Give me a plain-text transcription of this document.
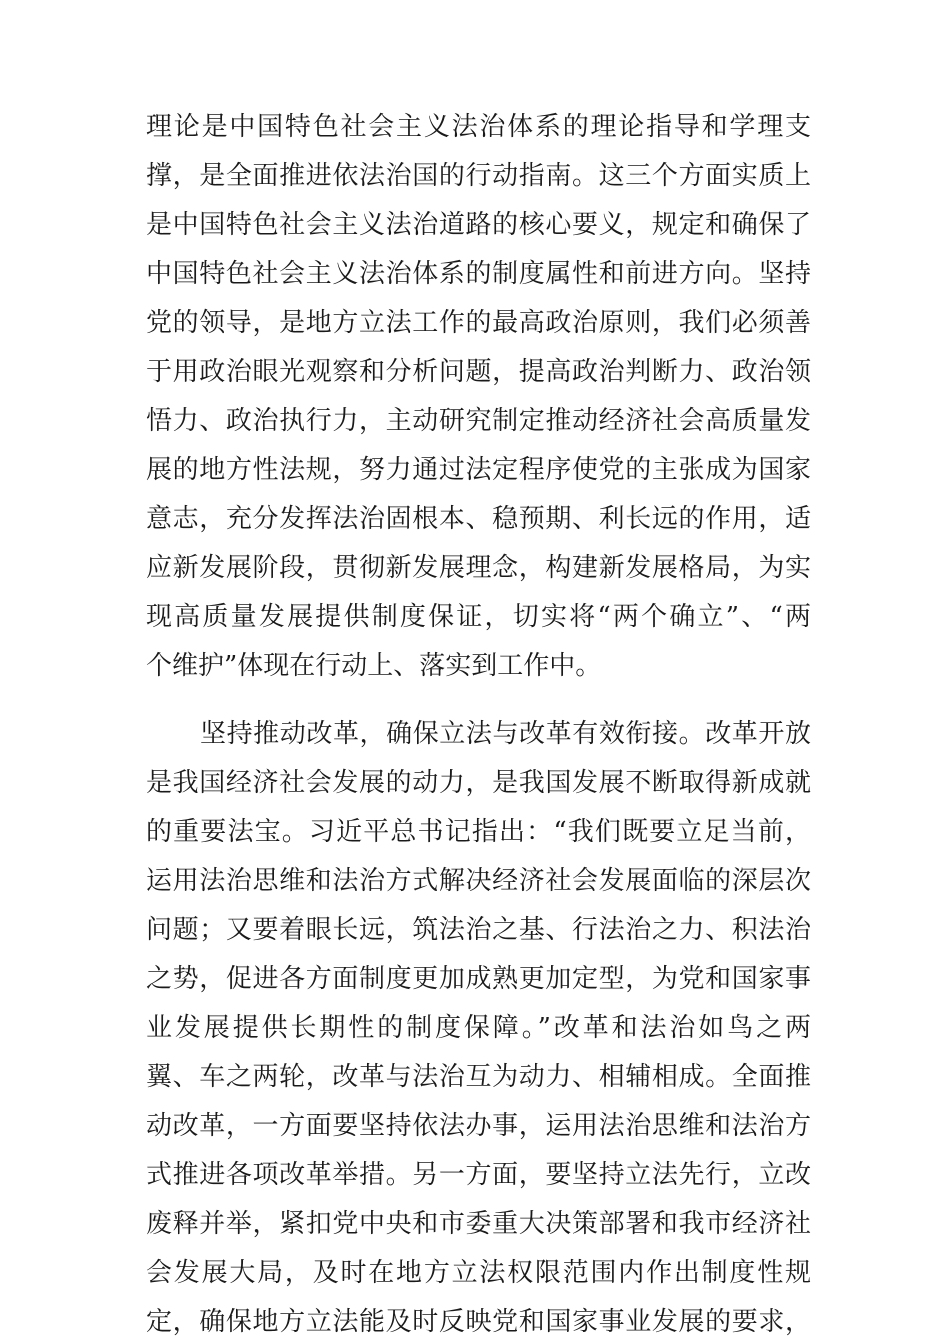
理论是中国特色社会主义法治体系的理论指导和学理支
撑，是全面推进依法治国的行动指南。这三个方面实质上
是中国特色社会主义法治道路的核心要义，规定和确保了
中国特色社会主义法治体系的制度属性和前进方向。坚持
党的领导，是地方立法工作的最高政治原则，我们必须善
于用政治眼光观察和分析问题，提高政治判断力、政治领
悟力、政治执行力，主动研究制定推动经济社会高质量发
展的地方性法规，努力通过法定程序使党的主张成为国家
意志，充分发挥法治固根本、稳预期、利长远的作用，适
应新发展阶段，贯彻新发展理念，构建新发展格局，为实
现高质量发展提供制度保证，切实将“两个确立”、“两
个维护”体现在行动上、落实到工作中。
坚持推动改革，确保立法与改革有效衔接。改革开放
是我国经济社会发展的动力，是我国发展不断取得新成就
的重要法宝。习近平总书记指出：“我们既要立足当前，
运用法治思维和法治方式解决经济社会发展面临的深层次
问题；又要着眼长远，筑法治之基、行法治之力、积法治
之势，促进各方面制度更加成熟更加定型，为党和国家事
业发展提供长期性的制度保障。”改革和法治如鸟之两
翼、车之两轮，改革与法治互为动力、相辅相成。全面推
动改革，一方面要坚持依法办事，运用法治思维和法治方
式推进各项改革举措。另一方面，要坚持立法先行，立改
废释并举，紧扣党中央和市委重大决策部署和我市经济社
会发展大局，及时在地方立法权限范围内作出制度性规
定，确保地方立法能及时反映党和国家事业发展的要求，
